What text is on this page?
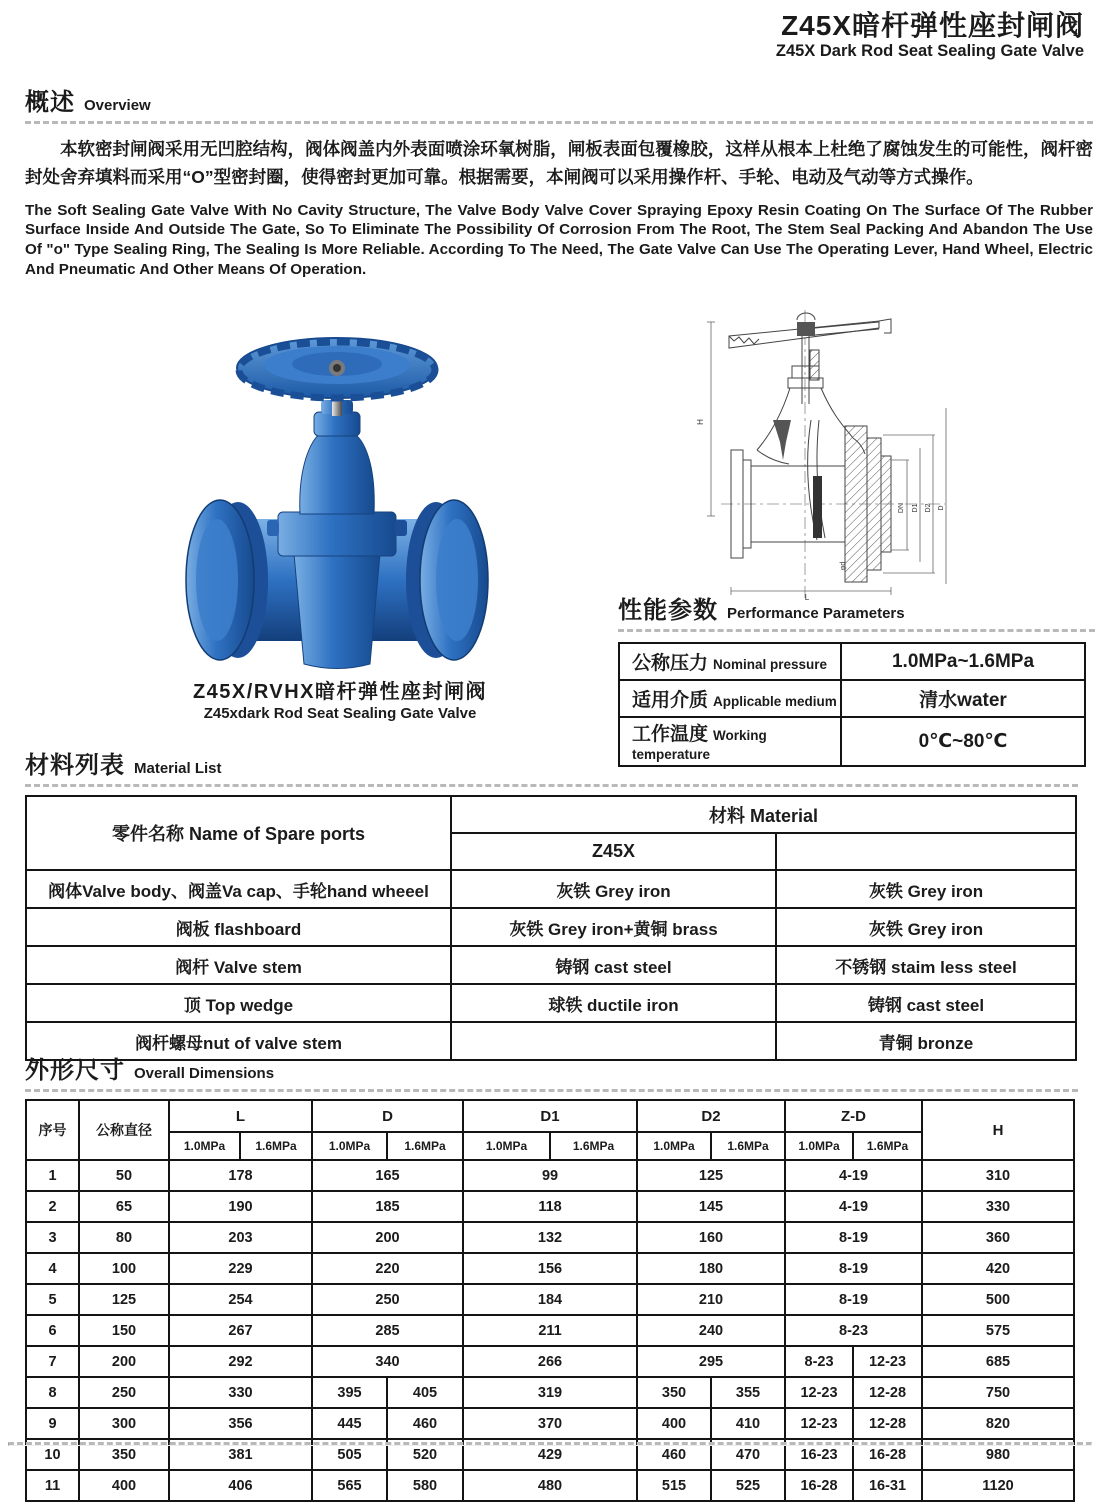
Z45X暗杆弹性座封闸阀
Z45X Dark Rod Seat Sealing Gate Valve
概述 Overview

本软密封闸阀采用无凹腔结构，阀体阀盖内外表面喷涂环氧树脂，闸板表面包覆橡胶，这样从根本上杜绝了腐蚀发生的可能性，阀杆密封处舍弃填料而采用“O”型密封圈，使得密封更加可靠。根据需要，本闸阀可以采用操作杆、手轮、电动及气动等方式操作。

The Soft Sealing Gate Valve With No Cavity Structure, The Valve Body Valve Cover Spraying Epoxy Resin Coating On The Surface Of The Rubber Surface Inside And Outside The Gate, So To Eliminate The Possibility Of Corrosion From The Root, The Stem Seal Packing And Abandon The Use Of "o" Type Sealing Ring, The Sealing Is More Reliable. According To The Need, The Gate Valve Can Use The Operating Lever, Hand Wheel, Electric And Pneumatic And Other Means Of Operation.

H
DN D1 D2 D
L
φd
Z45X/RVHX暗杆弹性座封闸阀
Z45xdark Rod Seat Sealing Gate Valve
性能参数 Performance Parameters
公称压力 Nominal pressure	1.0MPa~1.6MPa
适用介质 Applicable medium	清水water
工作温度 Working temperature	0℃~80℃
材料列表 Material List
零件名称 Name of Spare ports	材料 Material	
	Z45X	
阀体Valve body、阀盖Va cap、手轮hand wheeel	灰铁 Grey iron	灰铁 Grey iron
阀板 flashboard	灰铁 Grey iron+黄铜 brass	灰铁 Grey iron
阀杆 Valve stem	铸钢 cast steel	不锈钢 staim less steel
顶 Top wedge	球铁 ductile iron	铸钢 cast steel
阀杆螺母nut of valve stem		青铜 bronze
外形尺寸 Overall Dimensions
序号	公称直径	L		D		D1		D2		Z-D		H
		1.0MPa	1.6MPa	1.0MPa	1.6MPa	1.0MPa	1.6MPa	1.0MPa	1.6MPa	1.0MPa	1.6MPa	
1	50	178		165		99		125		4-19		310
2	65	190		185		118		145		4-19		330
3	80	203		200		132		160		8-19		360
4	100	229		220		156		180		8-19		420
5	125	254		250		184		210		8-19		500
6	150	267		285		211		240		8-23		575
7	200	292		340		266		295		8-23	12-23	685
8	250	330		395	405	319		350	355	12-23	12-28	750
9	300	356		445	460	370		400	410	12-23	12-28	820
10	350	381		505	520	429		460	470	16-23	16-28	980
11	400	406		565	580	480		515	525	16-28	16-31	1120
